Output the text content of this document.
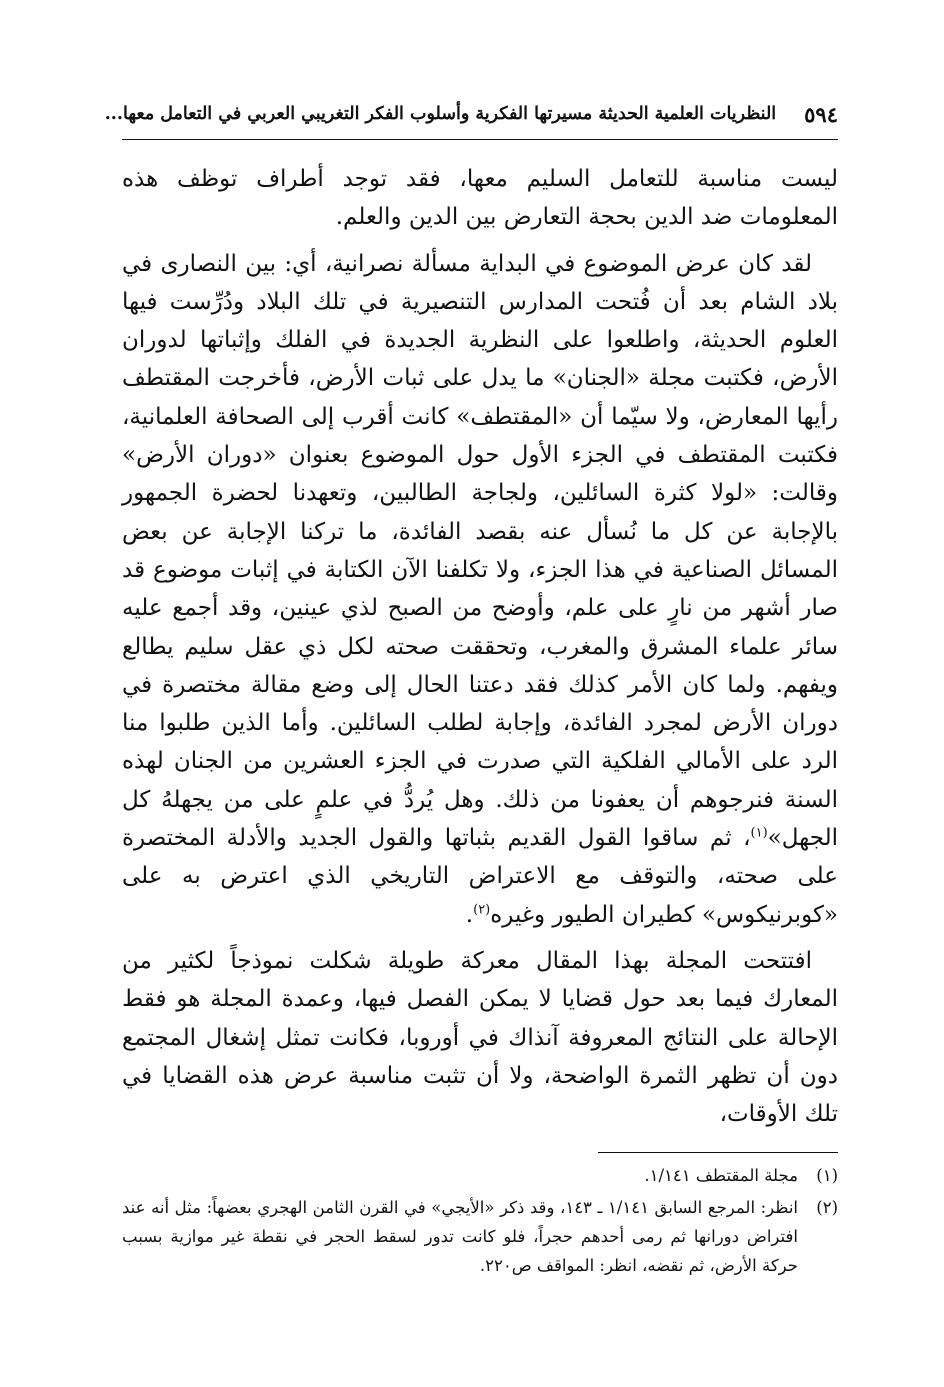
٥٩٤
النظريات العلمية الحديثة مسيرتها الفكرية وأسلوب الفكر التغريبي العربي في التعامل معها...

ليست مناسبة للتعامل السليم معها، فقد توجد أطراف توظف هذه المعلومات ضد الدين بحجة التعارض بين الدين والعلم.

لقد كان عرض الموضوع في البداية مسألة نصرانية، أي: بين النصارى في بلاد الشام بعد أن فُتحت المدارس التنصيرية في تلك البلاد ودُرِّست فيها العلوم الحديثة، واطلعوا على النظرية الجديدة في الفلك وإثباتها لدوران الأرض، فكتبت مجلة «الجنان» ما يدل على ثبات الأرض، فأخرجت المقتطف رأيها المعارض، ولا سيّما أن «المقتطف» كانت أقرب إلى الصحافة العلمانية، فكتبت المقتطف في الجزء الأول حول الموضوع بعنوان «دوران الأرض» وقالت: «لولا كثرة السائلين، ولجاجة الطالبين، وتعهدنا لحضرة الجمهور بالإجابة عن كل ما نُسأل عنه بقصد الفائدة، ما تركنا الإجابة عن بعض المسائل الصناعية في هذا الجزء، ولا تكلفنا الآن الكتابة في إثبات موضوع قد صار أشهر من نارٍ على علم، وأوضح من الصبح لذي عينين، وقد أجمع عليه سائر علماء المشرق والمغرب، وتحققت صحته لكل ذي عقل سليم يطالع ويفهم. ولما كان الأمر كذلك فقد دعتنا الحال إلى وضع مقالة مختصرة في دوران الأرض لمجرد الفائدة، وإجابة لطلب السائلين. وأما الذين طلبوا منا الرد على الأمالي الفلكية التي صدرت في الجزء العشرين من الجنان لهذه السنة فنرجوهم أن يعفونا من ذلك. وهل يُردُّ في علمٍ على من يجهلهُ كل الجهل»$^{(١)}$، ثم ساقوا القول القديم بثباتها والقول الجديد والأدلة المختصرة على صحته، والتوقف مع الاعتراض التاريخي الذي اعترض به على «كوبرنيكوس» كطيران الطيور وغيره$^{(٢)}$.

افتتحت المجلة بهذا المقال معركة طويلة شكلت نموذجاً لكثير من المعارك فيما بعد حول قضايا لا يمكن الفصل فيها، وعمدة المجلة هو فقط الإحالة على النتائج المعروفة آنذاك في أوروبا، فكانت تمثل إشغال المجتمع دون أن تظهر الثمرة الواضحة، ولا أن تثبت مناسبة عرض هذه القضايا في تلك الأوقات،

(١)
مجلة المقتطف ١/١٤١.
(٢)
انظر: المرجع السابق ١/١٤١ ـ ١٤٣، وقد ذكر «الأيجي» في القرن الثامن الهجري بعضهاً: مثل أنه عند افتراض دورانها ثم رمى أحدهم حجراً، فلو كانت تدور لسقط الحجر في نقطة غير موازية بسبب حركة الأرض، ثم نقضه، انظر: المواقف ص٢٢٠.
